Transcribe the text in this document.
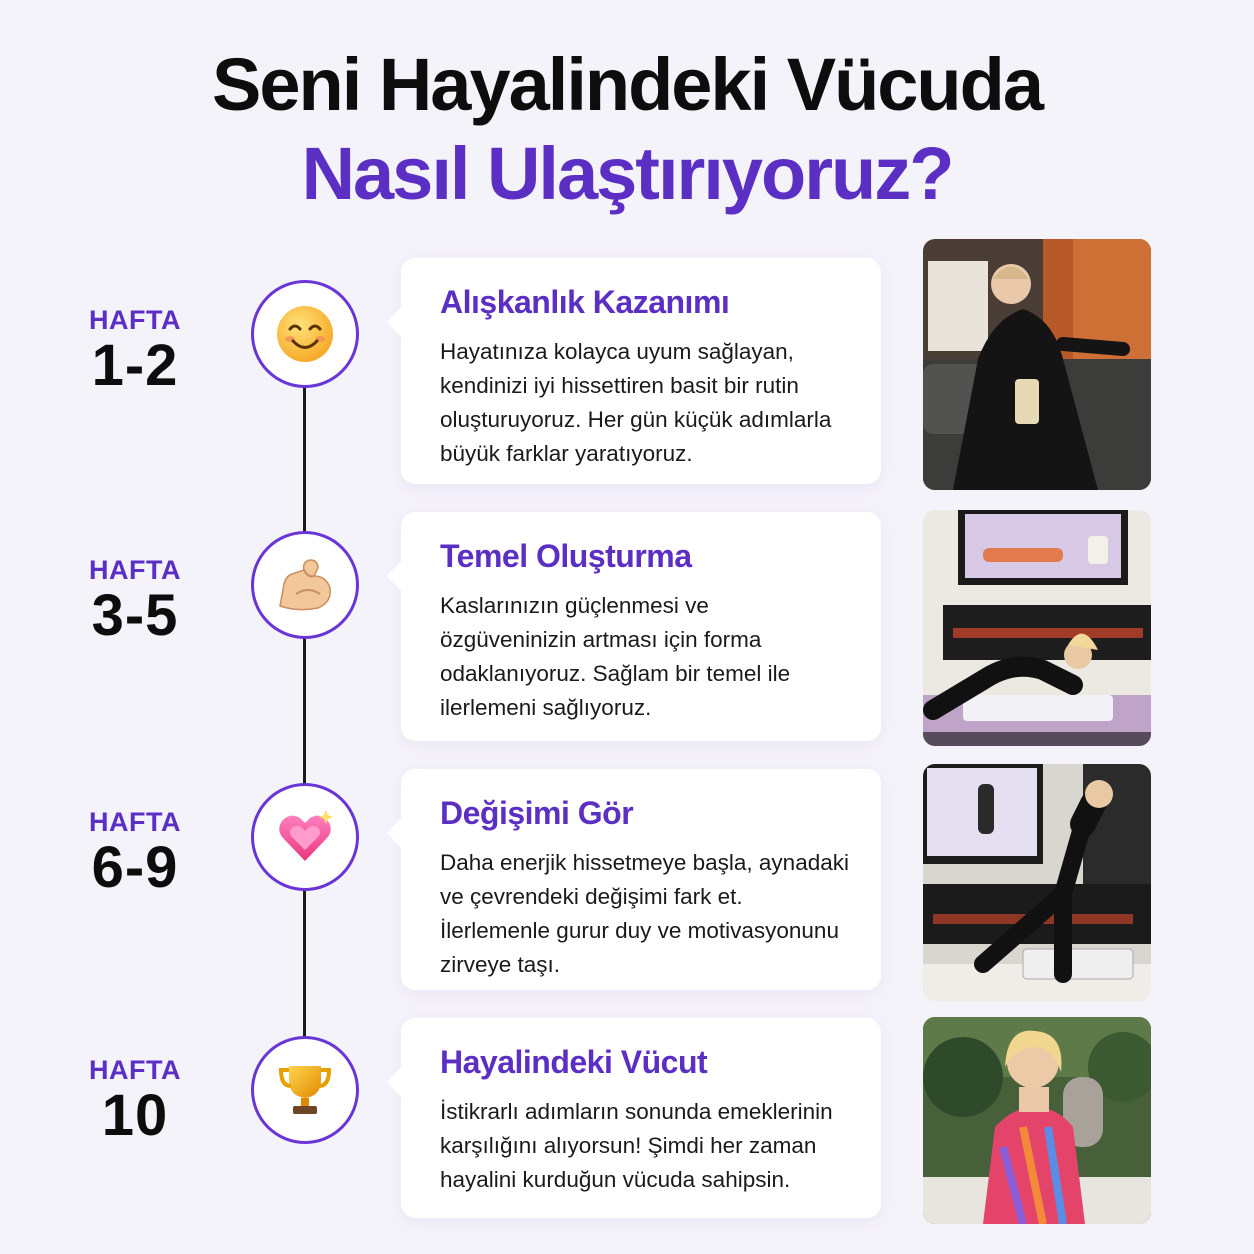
Seni Hayalindeki Vücuda
Nasıl Ulaştırıyoruz?
HAFTA
1-2
Alışkanlık Kazanımı
Hayatınıza kolayca uyum sağlayan, kendinizi iyi hissettiren basit bir rutin oluşturuyoruz. Her gün küçük adımlarla büyük farklar yaratıyoruz.
HAFTA
3-5
Temel Oluşturma
Kaslarınızın güçlenmesi ve özgüveninizin artması için forma odaklanıyoruz. Sağlam bir temel ile ilerlemeni sağlıyoruz.
HAFTA
6-9
Değişimi Gör
Daha enerjik hissetmeye başla, aynadaki ve çevrendeki değişimi fark et. İlerlemenle gurur duy ve motivasyonunu zirveye taşı.
HAFTA
10
Hayalindeki Vücut
İstikrarlı adımların sonunda emeklerinin karşılığını alıyorsun! Şimdi her zaman hayalini kurduğun vücuda sahipsin.
